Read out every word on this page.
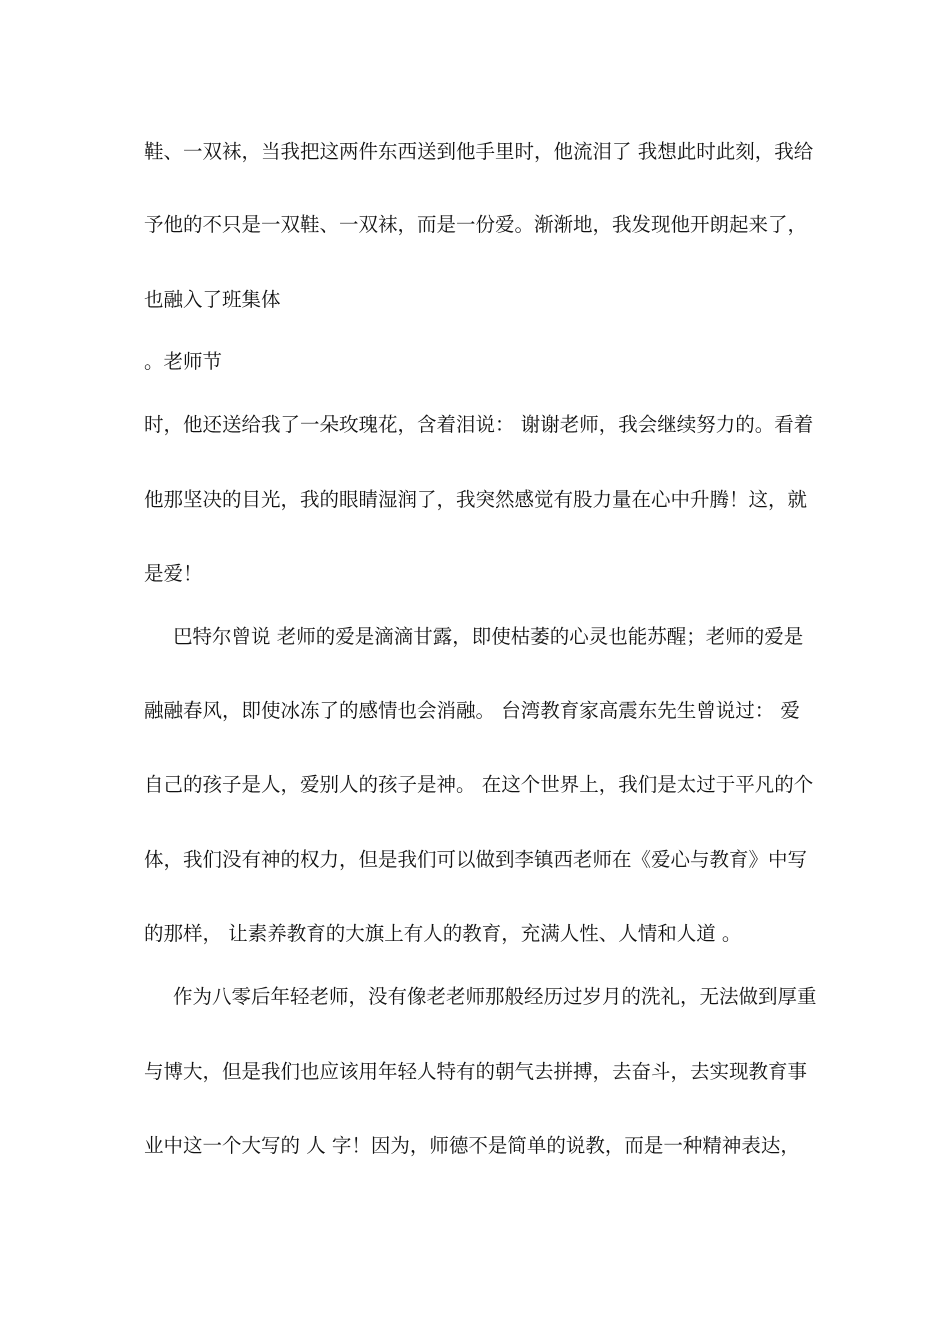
鞋、一双袜，当我把这两件东西送到他手里时，他流泪了 我想此时此刻，我给
予他的不只是一双鞋、一双袜，而是一份爱。渐渐地，我发现他开朗起来了，
也融入了班集体
。老师节
时，他还送给我了一朵玫瑰花，含着泪说： 谢谢老师，我会继续努力的。看着
他那坚决的目光，我的眼睛湿润了，我突然感觉有股力量在心中升腾！这，就
是爱！
巴特尔曾说 老师的爱是滴滴甘露，即使枯萎的心灵也能苏醒；老师的爱是
融融春风，即使冰冻了的感情也会消融。 台湾教育家高震东先生曾说过： 爱
自己的孩子是人，爱别人的孩子是神。 在这个世界上，我们是太过于平凡的个
体，我们没有神的权力，但是我们可以做到李镇西老师在《爱心与教育》中写
的那样， 让素养教育的大旗上有人的教育，充满人性、人情和人道 。
作为八零后年轻老师，没有像老老师那般经历过岁月的洗礼，无法做到厚重
与博大，但是我们也应该用年轻人特有的朝气去拼搏，去奋斗，去实现教育事
业中这一个大写的 人 字！因为，师德不是简单的说教，而是一种精神表达，
